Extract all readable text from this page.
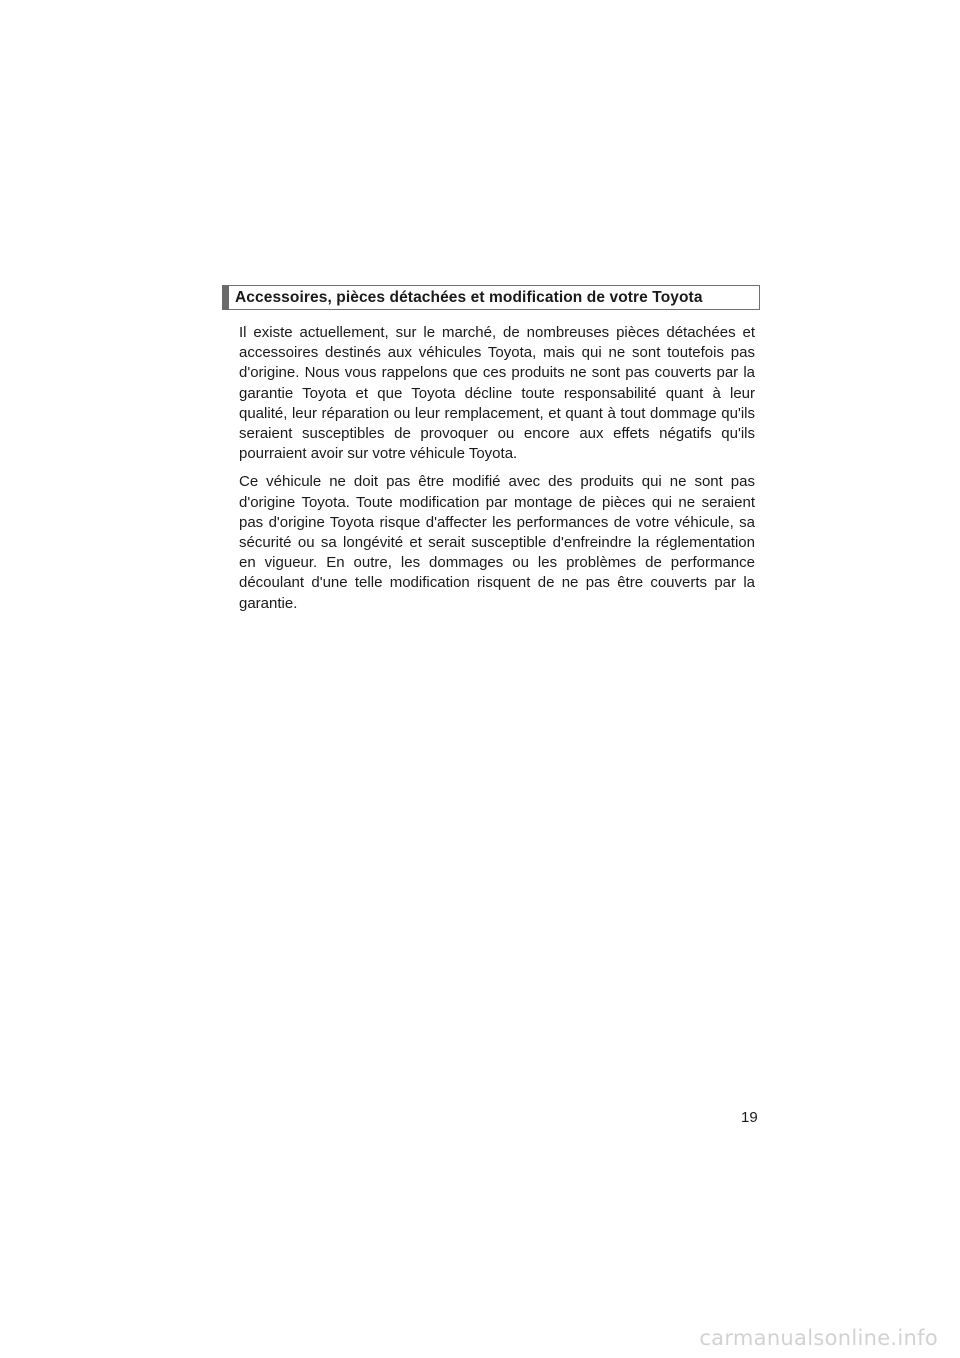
Accessoires, pièces détachées et modification de votre Toyota

Il existe actuellement, sur le marché, de nombreuses pièces détachées et accessoires destinés aux véhicules Toyota, mais qui ne sont toutefois pas d'origine. Nous vous rappelons que ces produits ne sont pas couverts par la garantie Toyota et que Toyota décline toute responsabilité quant à leur qualité, leur réparation ou leur remplacement, et quant à tout dommage qu'ils seraient susceptibles de provoquer ou encore aux effets négatifs qu'ils pourraient avoir sur votre véhicule Toyota.

Ce véhicule ne doit pas être modifié avec des produits qui ne sont pas d'origine Toyota. Toute modification par montage de pièces qui ne seraient pas d'origine Toyota risque d'affecter les performances de votre véhicule, sa sécurité ou sa longévité et serait susceptible d'enfreindre la réglementation en vigueur. En outre, les dommages ou les problèmes de performance découlant d'une telle modification risquent de ne pas être couverts par la garantie.

19
carmanualsonline.info
